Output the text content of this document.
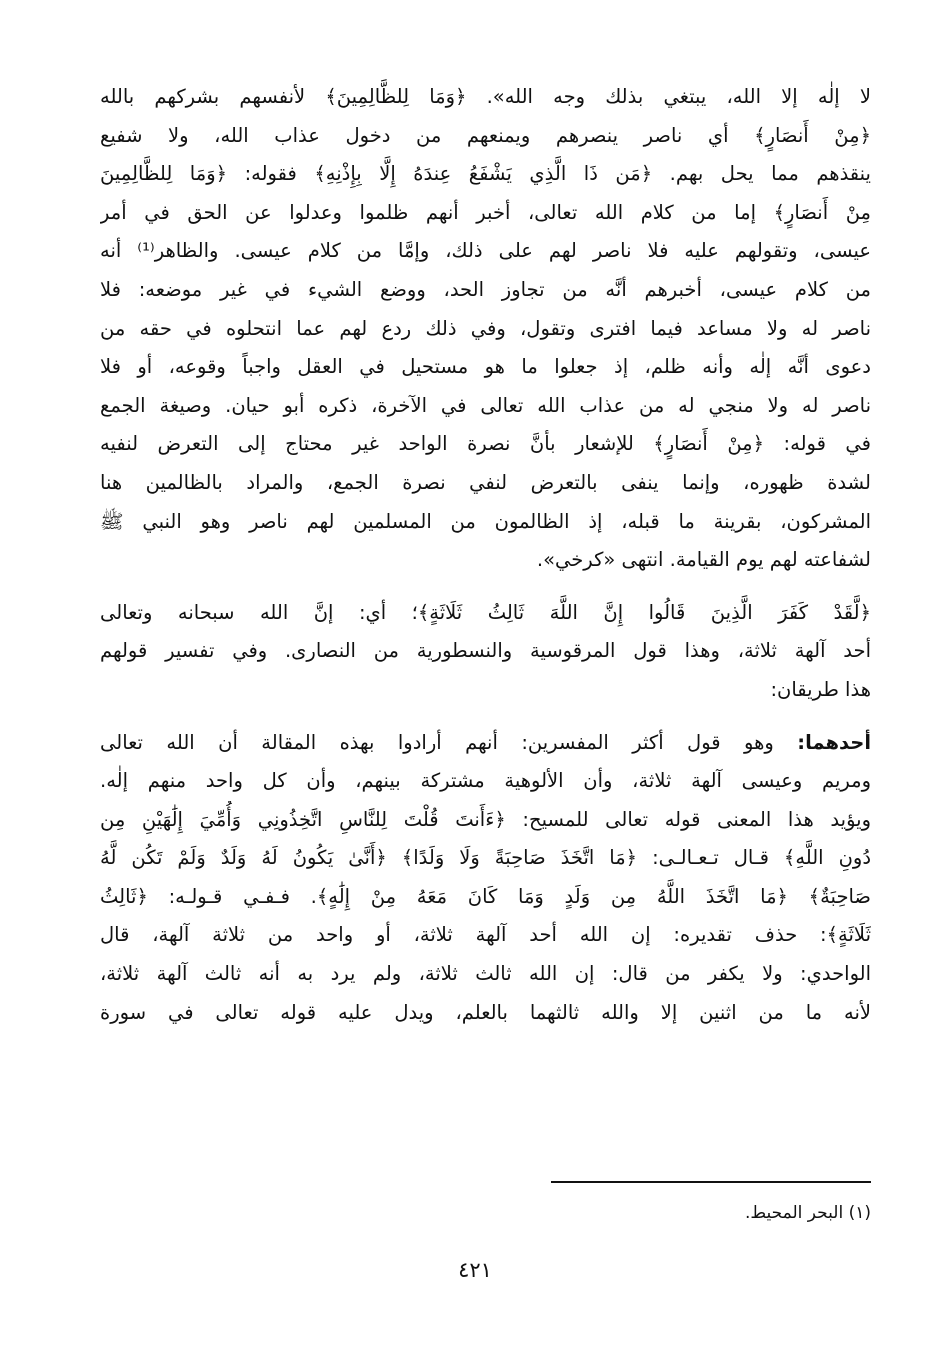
لا إلٰه إلا الله، يبتغي بذلك وجه الله». ﴿وَمَا لِلظَّالِمِينَ﴾ لأنفسهم بشركهم بالله
﴿مِنْ أَنصَارٍ﴾ أي ناصر ينصرهم ويمنعهم من دخول عذاب الله، ولا شفيع
ينقذهم مما يحل بهم. ﴿مَن ذَا الَّذِي يَشْفَعُ عِندَهُ إِلَّا بِإِذْنِهِ﴾ فقوله: ﴿وَمَا لِلظَّالِمِينَ
مِنْ أَنصَارٍ﴾ إما من كلام الله تعالى، أخبر أنهم ظلموا وعدلوا عن الحق في أمر
عيسى، وتقولهم عليه فلا ناصر لهم على ذلك، وإمَّا من كلام عيسى. والظاهر⁽¹⁾ أنه
من كلام عيسى، أخبرهم أنَّه من تجاوز الحد، ووضع الشيء في غير موضعه: فلا
ناصر له ولا مساعد فيما افترى وتقول، وفي ذلك ردع لهم عما انتحلوه في حقه من
دعوى أنَّه إلٰه وأنه ظلم، إذ جعلوا ما هو مستحيل في العقل واجباً وقوعه، أو فلا
ناصر له ولا منجي له من عذاب الله تعالى في الآخرة، ذكره أبو حيان. وصيغة الجمع
في قوله: ﴿مِنْ أَنصَارٍ﴾ للإشعار بأنَّ نصرة الواحد غير محتاج إلى التعرض لنفيه
لشدة ظهوره، وإنما ينفى بالتعرض لنفي نصرة الجمع، والمراد بالظالمين هنا
المشركون، بقرينة ما قبله، إذ الظالمون من المسلمين لهم ناصر وهو النبي ﷺ
لشفاعته لهم يوم القيامة. انتهى «كرخي».
﴿لَّقَدْ كَفَرَ الَّذِينَ قَالُوا إِنَّ اللَّهَ ثَالِثُ ثَلَاثَةٍ﴾؛ أي: إنَّ الله سبحانه وتعالى
أحد آلهة ثلاثة، وهذا قول المرقوسية والنسطورية من النصارى. وفي تفسير قولهم
هذا طريقان:
أحدهما: وهو قول أكثر المفسرين: أنهم أرادوا بهذه المقالة أن الله تعالى
ومريم وعيسى آلهة ثلاثة، وأن الألوهية مشتركة بينهم، وأن كل واحد منهم إلٰه.
ويؤيد هذا المعنى قوله تعالى للمسيح: ﴿ءَأَنتَ قُلْتَ لِلنَّاسِ اتَّخِذُونِي وَأُمِّيَ إِلَٰهَيْنِ مِن
دُونِ اللَّهِ﴾ قـال تـعـالـى: ﴿مَا اتَّخَذَ صَاحِبَةً وَلَا وَلَدًا﴾ ﴿أَنَّىٰ يَكُونُ لَهُ وَلَدٌ وَلَمْ تَكُن لَّهُ
صَاحِبَةٌ﴾ ﴿مَا اتَّخَذَ اللَّهُ مِن وَلَدٍ وَمَا كَانَ مَعَهُ مِنْ إِلَٰهٍ﴾. فـفـي قـولـه: ﴿ثَالِثُ
ثَلَاثَةٍ﴾: حذف تقديره: إن الله أحد آلهة ثلاثة، أو واحد من ثلاثة آلهة، قال
الواحدي: ولا يكفر من قال: إن الله ثالث ثلاثة، ولم يرد به أنه ثالث آلهة ثلاثة،
لأنه ما من اثنين إلا والله ثالثهما بالعلم، ويدل عليه قوله تعالى في سورة
(١) البحر المحيط.
٤٢١
